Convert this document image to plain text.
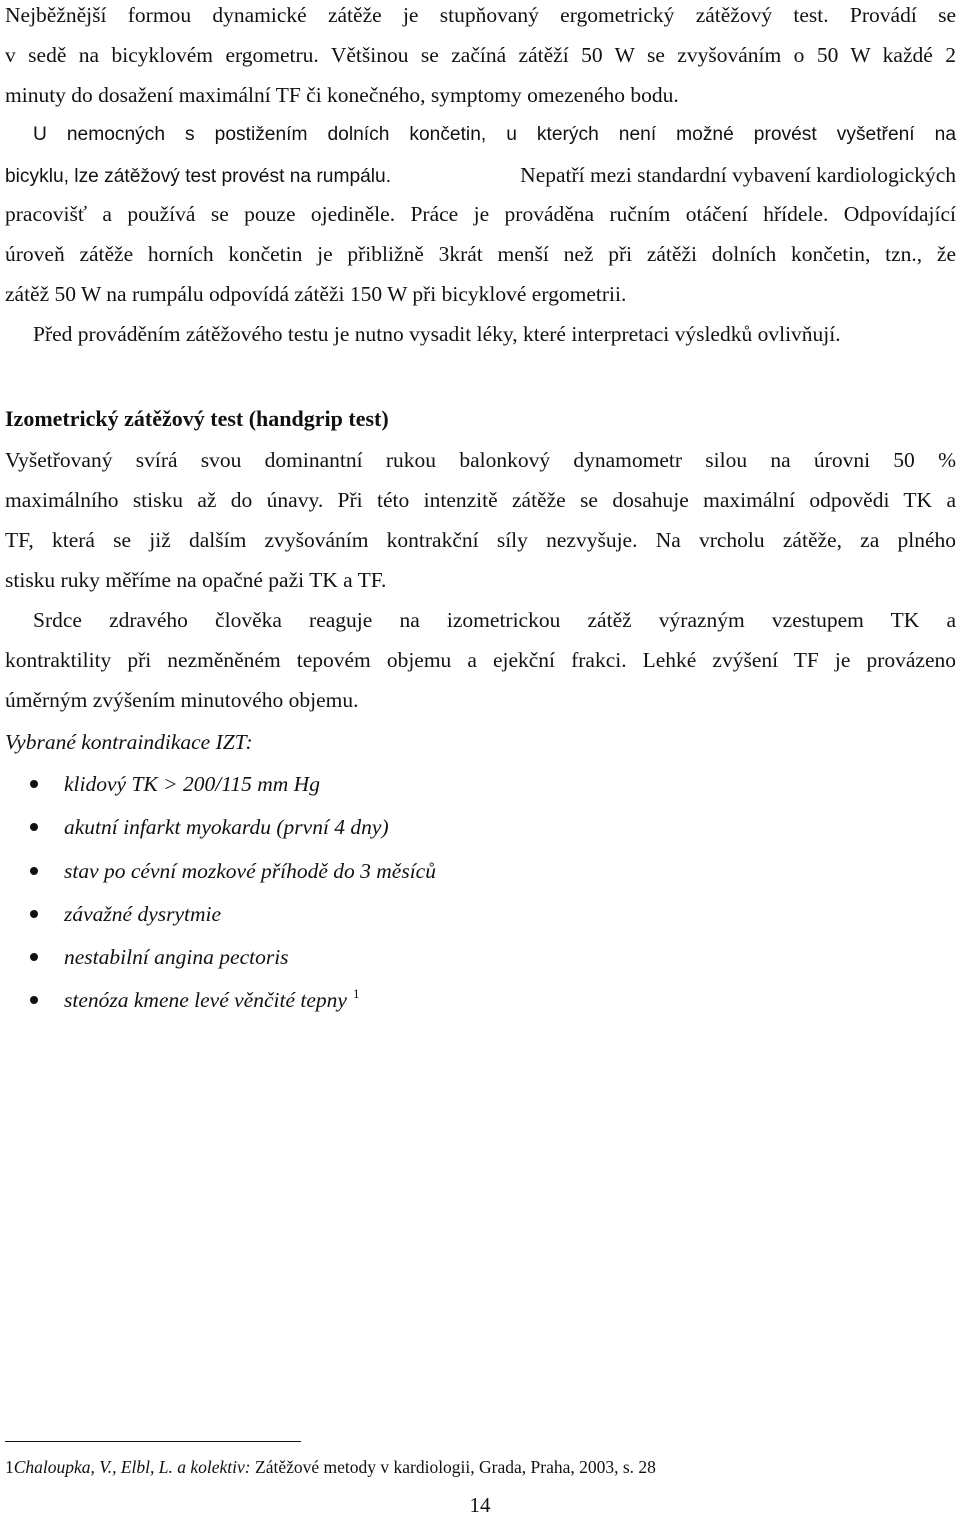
Nejběžnější formou dynamické zátěže je stupňovaný ergometrický zátěžový test. Provádí se
v sedě na bicyklovém ergometru. Většinou se začíná zátěží 50 W se zvyšováním o 50 W každé 2
minuty do dosažení maximální TF či konečného, symptomy omezeného bodu.
U nemocných s postižením dolních končetin, u kterých není možné provést vyšetření na
bicyklu, lze zátěžový test provést na rumpálu.	Nepatří mezi standardní vybavení kardiologických
pracovišť a používá se pouze ojediněle. Práce je prováděna ručním otáčení hřídele. Odpovídající
úroveň zátěže horních končetin je přibližně 3krát menší než při zátěži dolních končetin, tzn., že
zátěž 50 W na rumpálu odpovídá zátěži 150 W při bicyklové ergometrii.
Před prováděním zátěžového testu je nutno vysadit léky, které interpretaci výsledků ovlivňují.
Izometrický zátěžový test (handgrip test)
Vyšetřovaný svírá svou dominantní rukou balonkový dynamometr silou na úrovni 50 %
maximálního stisku až do únavy. Při této intenzitě zátěže se dosahuje maximální odpovědi TK a
TF, která se již dalším zvyšováním kontrakční síly nezvyšuje. Na vrcholu zátěže, za plného
stisku ruky měříme na opačné paži TK a TF.
Srdce zdravého člověka reaguje na izometrickou zátěž výrazným vzestupem TK a
kontraktility při nezměněném tepovém objemu a ejekční frakci. Lehké zvýšení TF je provázeno
úměrným zvýšením minutového objemu.
Vybrané kontraindikace IZT:
klidový TK > 200/115 mm Hg
akutní infarkt myokardu (první 4 dny)
stav po cévní mozkové příhodě do 3 měsíců
závažné dysrytmie
nestabilní angina pectoris
stenóza kmene levé věnčité tepny $^1$
1Chaloupka, V., Elbl, L. a kolektiv: Zátěžové metody v kardiologii, Grada, Praha, 2003, s. 28
14
